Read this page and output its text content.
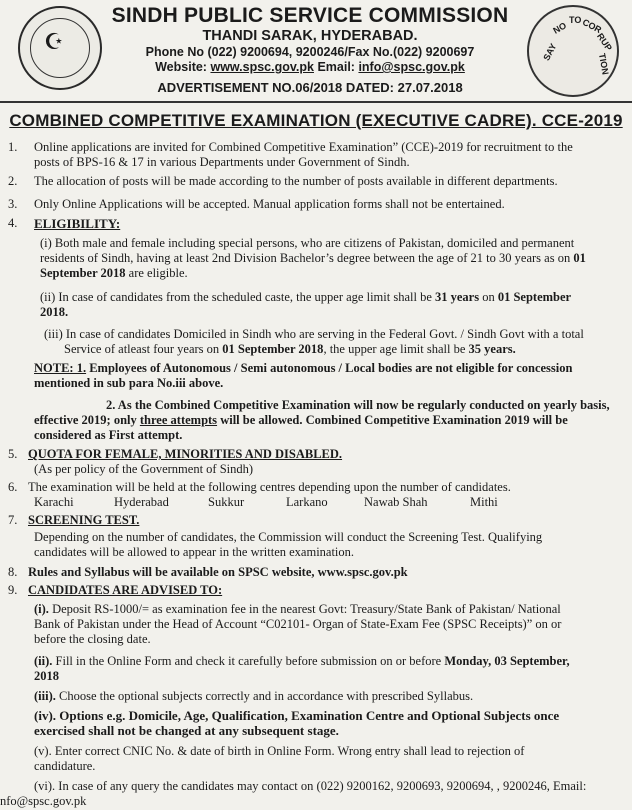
☪
SINDH PUBLIC SERVICE COMMISSION
THANDI SARAK, HYDERABAD.
Phone No (022) 9200694, 9200246/Fax No.(022) 9200697
Website: www.spsc.gov.pk Email: info@spsc.gov.pk
ADVERTISEMENT NO.06/2018 DATED: 27.07.2018
SAY
NO
TO COR
RUP
TION
COMBINED COMPETITIVE EXAMINATION (EXECUTIVE CADRE). CCE-2019
1. Online applications are invited for Combined Competitive Examination” (CCE)-2019 for recruitment to the
posts of BPS-16 & 17 in various Departments under Government of Sindh.
2. The allocation of posts will be made according to the number of posts available in different departments.
3. Only Online Applications will be accepted. Manual application forms shall not be entertained.
4. ELIGIBILITY:
(i) Both male and female including special persons, who are citizens of Pakistan, domiciled and permanent
residents of Sindh, having at least 2nd Division Bachelor’s degree between the age of 21 to 30 years as on 01
September 2018 are eligible.
(ii) In case of candidates from the scheduled caste, the upper age limit shall be 31 years on 01 September
2018.
(iii) In case of candidates Domiciled in Sindh who are serving in the Federal Govt. / Sindh Govt with a total
Service of atleast four years on 01 September 2018, the upper age limit shall be 35 years.
NOTE: 1. Employees of Autonomous / Semi autonomous / Local bodies are not eligible for concession
mentioned in sub para No.iii above.
2. As the Combined Competitive Examination will now be regularly conducted on yearly basis,
effective 2019; only three attempts will be allowed. Combined Competitive Examination 2019 will be
considered as First attempt.
5. QUOTA FOR FEMALE, MINORITIES AND DISABLED.
(As per policy of the Government of Sindh)
6. The examination will be held at the following centres depending upon the number of candidates.
Karachi	Hyderabad	Sukkur	Larkano	Nawab Shah	Mithi
7. SCREENING TEST.
Depending on the number of candidates, the Commission will conduct the Screening Test. Qualifying
candidates will be allowed to appear in the written examination.
8. Rules and Syllabus will be available on SPSC website, www.spsc.gov.pk
9. CANDIDATES ARE ADVISED TO:
(i). Deposit RS-1000/= as examination fee in the nearest Govt: Treasury/State Bank of Pakistan/ National
Bank of Pakistan under the Head of Account “C02101- Organ of State-Exam Fee (SPSC Receipts)” on or
before the closing date.
(ii). Fill in the Online Form and check it carefully before submission on or before Monday, 03 September,
2018
(iii). Choose the optional subjects correctly and in accordance with prescribed Syllabus.
(iv). Options e.g. Domicile, Age, Qualification, Examination Centre and Optional Subjects once
exercised shall not be changed at any subsequent stage.
(v). Enter correct CNIC No. & date of birth in Online Form. Wrong entry shall lead to rejection of
candidature.
(vi). In case of any query the candidates may contact on (022) 9200162, 9200693, 9200694, , 9200246, Email:
nfo@spsc.gov.pk
